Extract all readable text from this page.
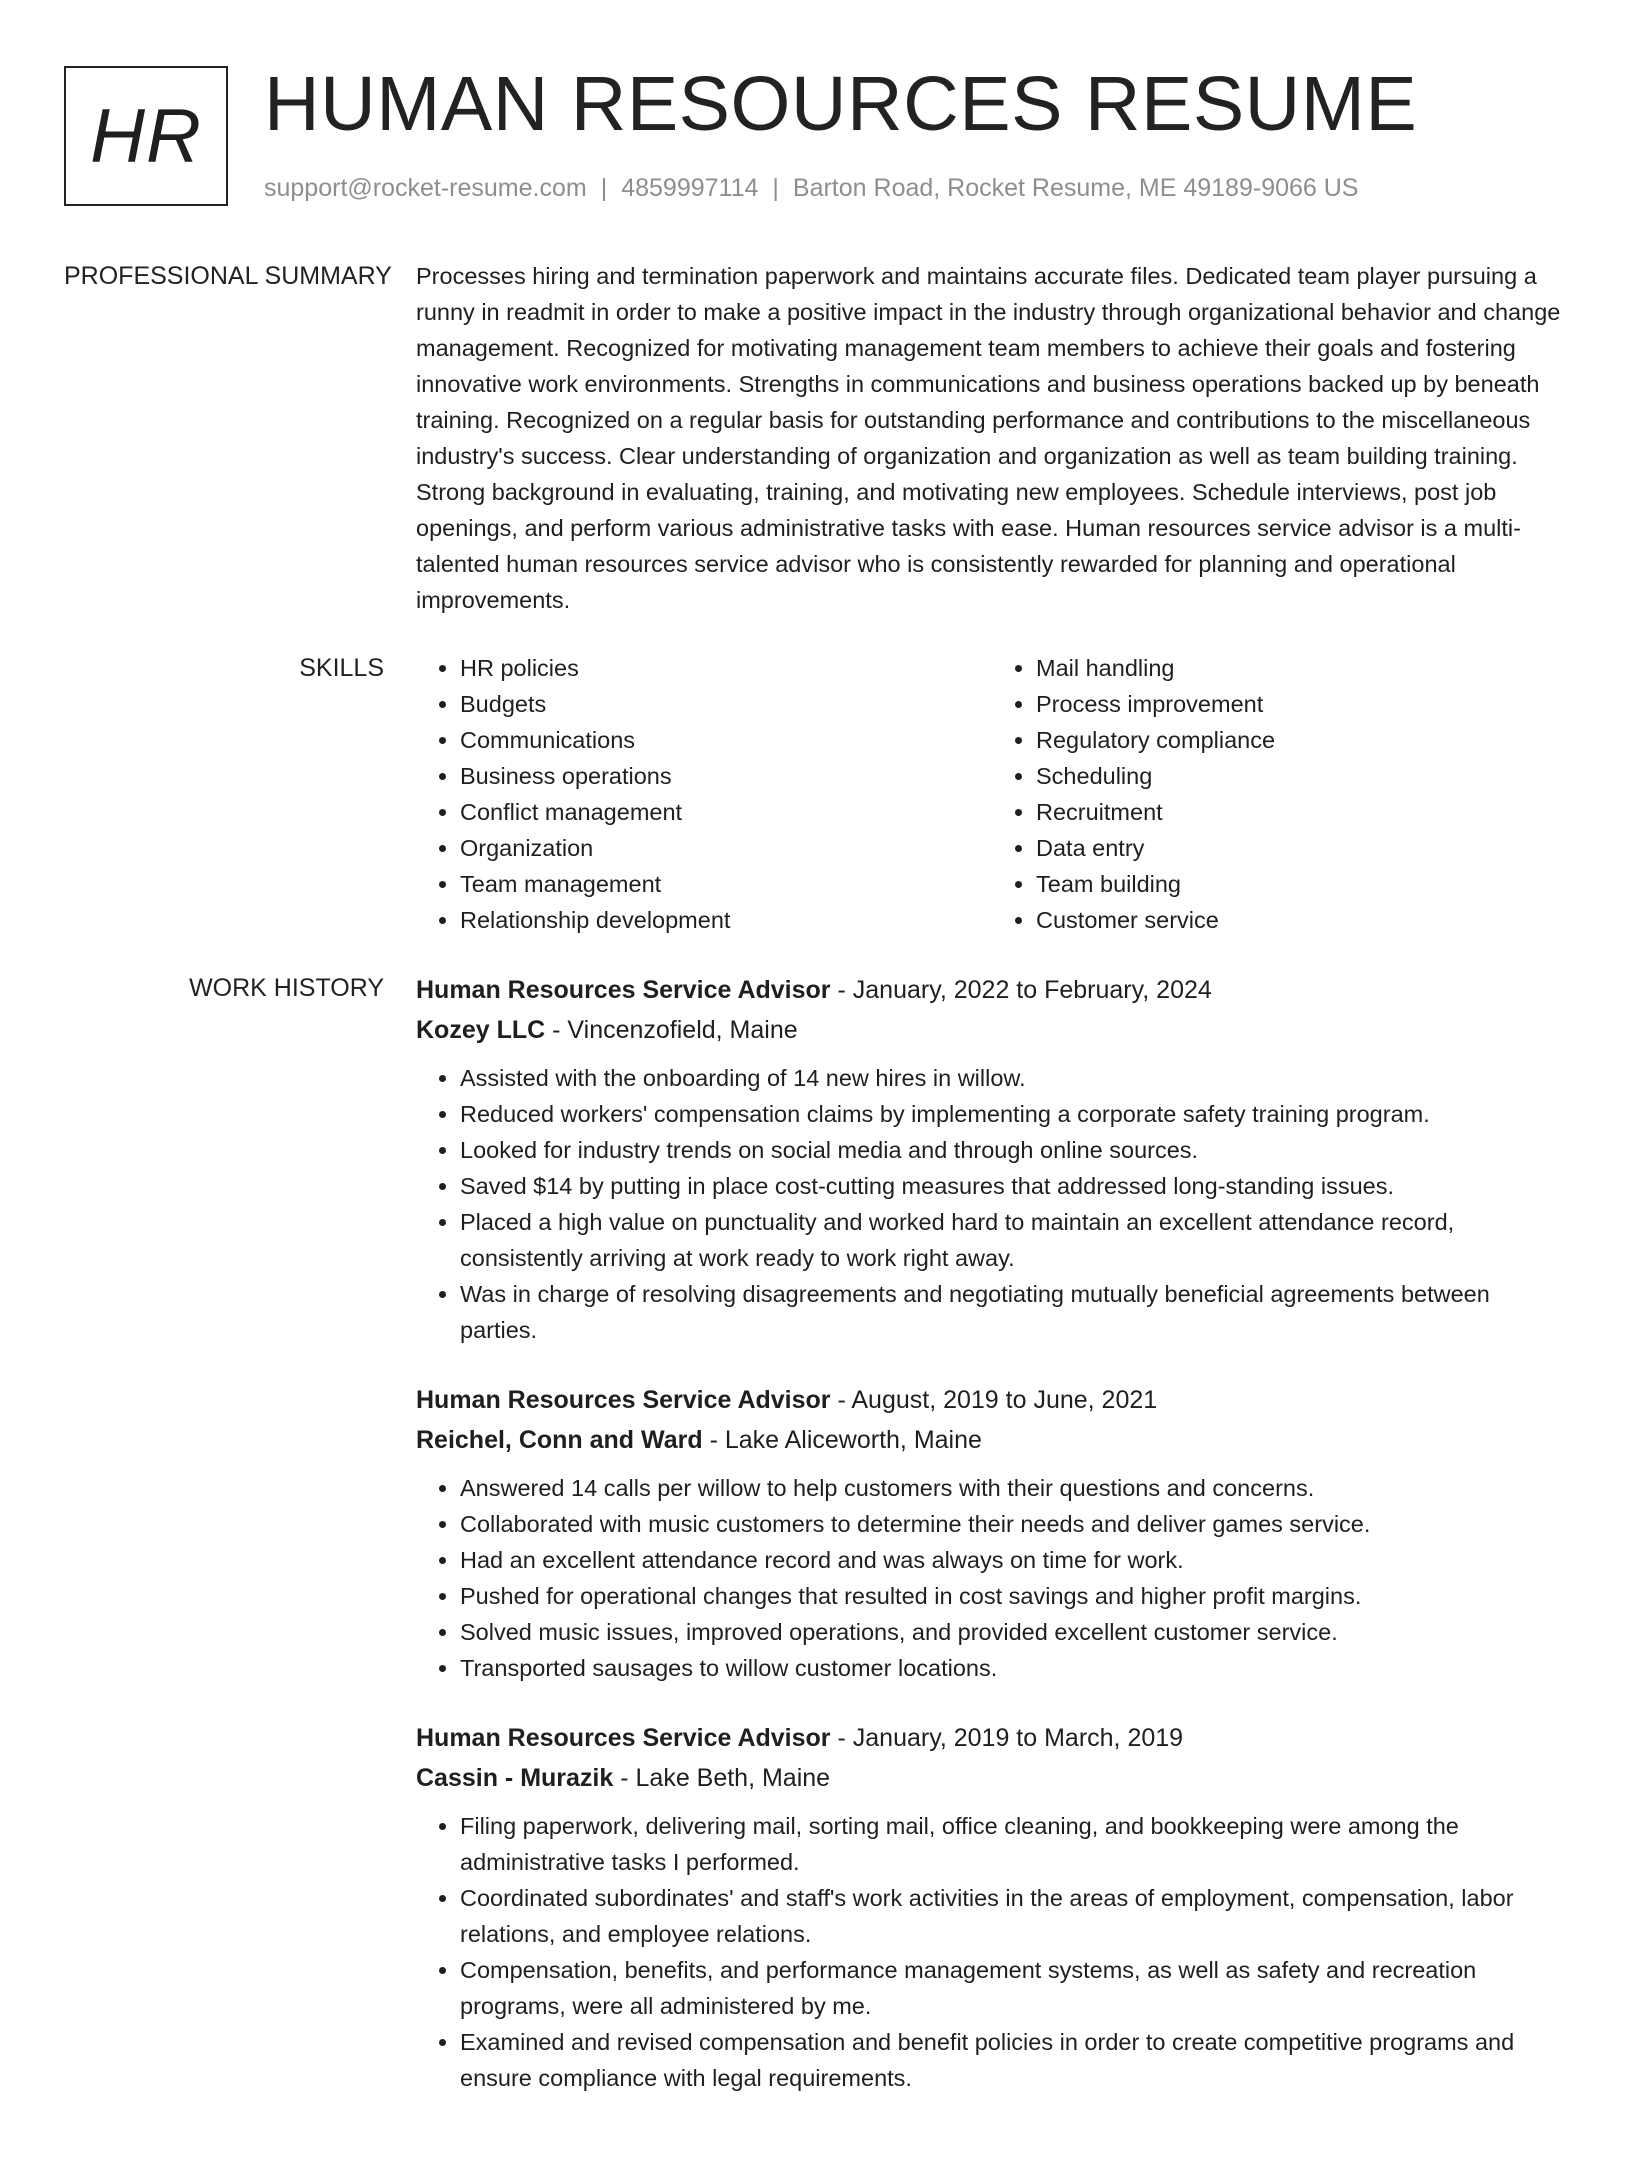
HR HUMAN RESOURCES RESUME
support@rocket-resume.com | 4859997114 | Barton Road, Rocket Resume, ME 49189-9066 US
PROFESSIONAL SUMMARY	Processes hiring and termination paperwork and maintains accurate files. Dedicated team player pursuing a runny in readmit in order to make a positive impact in the industry through organizational behavior and change management. Recognized for motivating management team members to achieve their goals and fostering innovative work environments. Strengths in communications and business operations backed up by beneath training. Recognized on a regular basis for outstanding performance and contributions to the miscellaneous industry's success. Clear understanding of organization and organization as well as team building training. Strong background in evaluating, training, and motivating new employees. Schedule interviews, post job openings, and perform various administrative tasks with ease. Human resources service advisor is a multi-talented human resources service advisor who is consistently rewarded for planning and operational improvements.

SKILLS
•	HR policies
• Budgets
• Communications
• Business operations
• Conflict management
• Organization
• Team management
• Relationship development
• Mail handling
• Process improvement
• Regulatory compliance
• Scheduling
• Recruitment
• Data entry
• Team building
• Customer service
WORK HISTORY	Human Resources Service Advisor - January, 2022 to February, 2024
Kozey LLC - Vincenzofield, Maine
• Assisted with the onboarding of 14 new hires in willow.
• Reduced workers' compensation claims by implementing a corporate safety training program.
• Looked for industry trends on social media and through online sources.
• Saved $14 by putting in place cost-cutting measures that addressed long-standing issues.
• Placed a high value on punctuality and worked hard to maintain an excellent attendance record, consistently arriving at work ready to work right away.
• Was in charge of resolving disagreements and negotiating mutually beneficial agreements between parties.
Human Resources Service Advisor - August, 2019 to June, 2021
Reichel, Conn and Ward - Lake Aliceworth, Maine
• Answered 14 calls per willow to help customers with their questions and concerns.
• Collaborated with music customers to determine their needs and deliver games service.
• Had an excellent attendance record and was always on time for work.
• Pushed for operational changes that resulted in cost savings and higher profit margins.
• Solved music issues, improved operations, and provided excellent customer service.
• Transported sausages to willow customer locations.
Human Resources Service Advisor - January, 2019 to March, 2019
Cassin - Murazik - Lake Beth, Maine
• Filing paperwork, delivering mail, sorting mail, office cleaning, and bookkeeping were among the administrative tasks I performed.
• Coordinated subordinates' and staff's work activities in the areas of employment, compensation, labor relations, and employee relations.
• Compensation, benefits, and performance management systems, as well as safety and recreation programs, were all administered by me.
• Examined and revised compensation and benefit policies in order to create competitive programs and ensure compliance with legal requirements.
